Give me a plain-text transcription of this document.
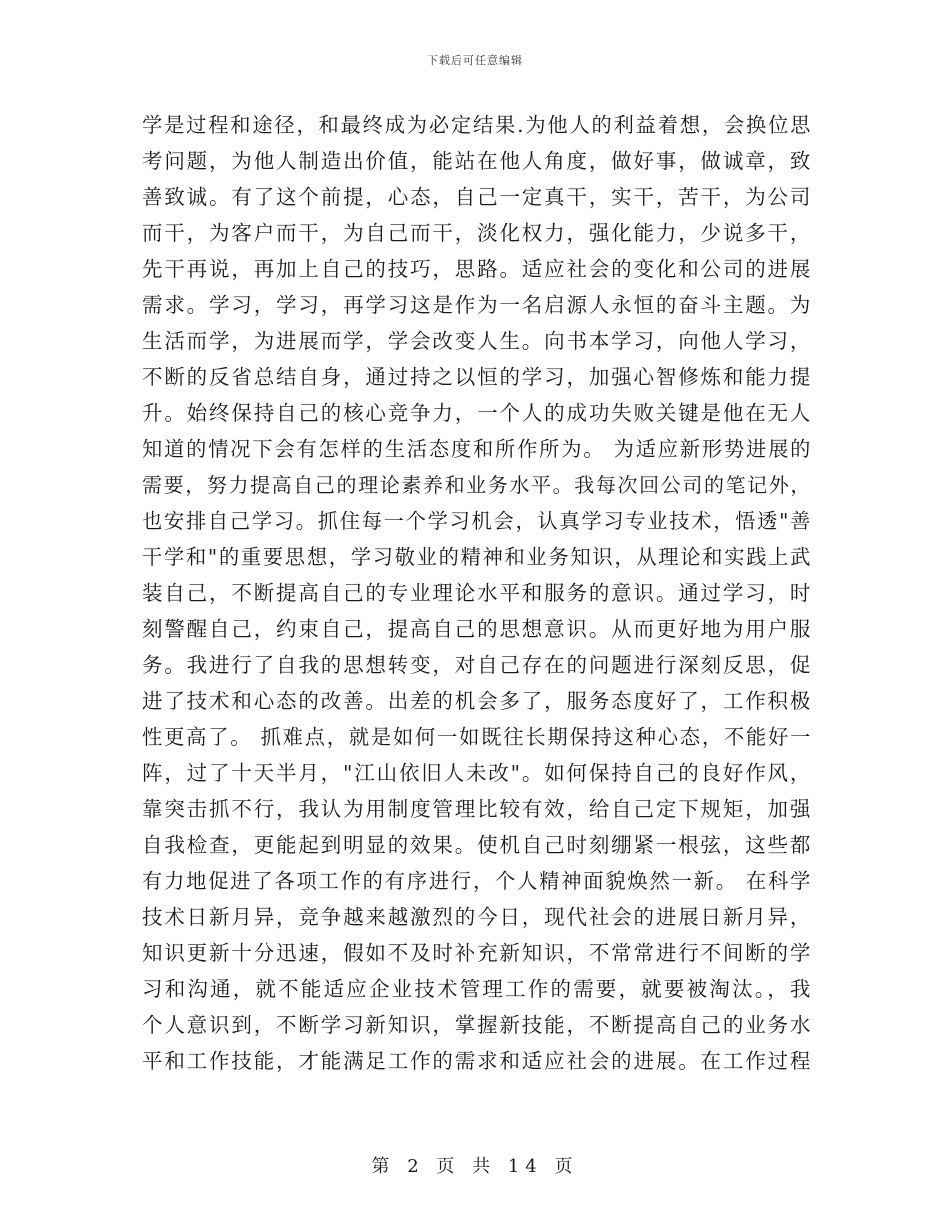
下载后可任意编辑
学是过程和途径，和最终成为必定结果.为他人的利益着想，会换位思
考问题，为他人制造出价值，能站在他人角度，做好事，做诚章，致
善致诚。有了这个前提，心态，自己一定真干，实干，苦干，为公司
而干，为客户而干，为自己而干，淡化权力，强化能力，少说多干，
先干再说，再加上自己的技巧，思路。适应社会的变化和公司的进展
需求。学习，学习，再学习这是作为一名启源人永恒的奋斗主题。为
生活而学，为进展而学，学会改变人生。向书本学习，向他人学习，
不断的反省总结自身，通过持之以恒的学习，加强心智修炼和能力提
升。始终保持自己的核心竞争力，一个人的成功失败关键是他在无人
知道的情况下会有怎样的生活态度和所作所为。 为适应新形势进展的
需要，努力提高自己的理论素养和业务水平。我每次回公司的笔记外，
也安排自己学习。抓住每一个学习机会，认真学习专业技术，悟透"善
干学和"的重要思想，学习敬业的精神和业务知识，从理论和实践上武
装自己，不断提高自己的专业理论水平和服务的意识。通过学习，时
刻警醒自己，约束自己，提高自己的思想意识。从而更好地为用户服
务。我进行了自我的思想转变，对自己存在的问题进行深刻反思，促
进了技术和心态的改善。出差的机会多了，服务态度好了，工作积极
性更高了。 抓难点，就是如何一如既往长期保持这种心态，不能好一
阵，过了十天半月，"江山依旧人未改"。如何保持自己的良好作风，
靠突击抓不行，我认为用制度管理比较有效，给自己定下规矩，加强
自我检查，更能起到明显的效果。使机自己时刻绷紧一根弦，这些都
有力地促进了各项工作的有序进行，个人精神面貌焕然一新。 在科学
技术日新月异，竞争越来越激烈的今日，现代社会的进展日新月异，
知识更新十分迅速，假如不及时补充新知识，不常常进行不间断的学
习和沟通，就不能适应企业技术管理工作的需要，就要被淘汰。，我
个人意识到，不断学习新知识，掌握新技能，不断提高自己的业务水
平和工作技能，才能满足工作的需求和适应社会的进展。在工作过程
第 2 页 共 14 页
